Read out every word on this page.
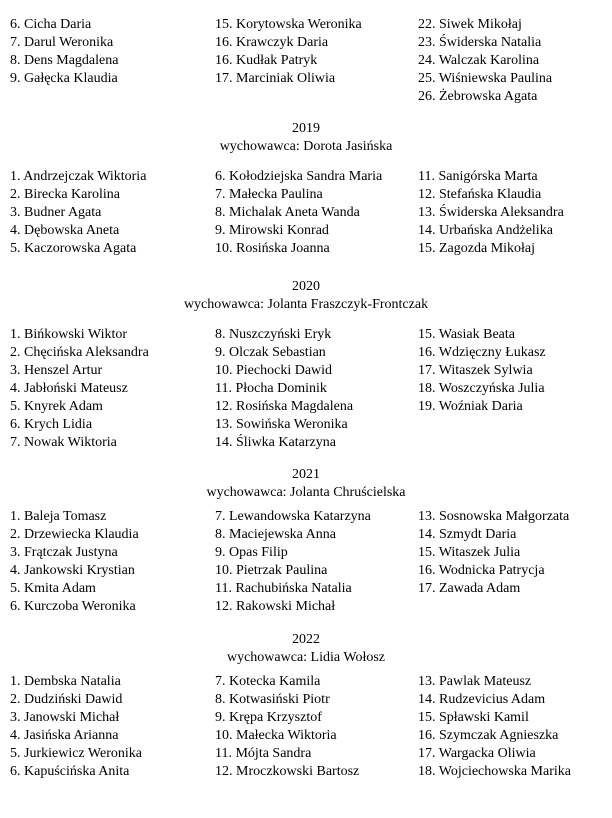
6. Cicha Daria
7. Darul Weronika
8. Dens Magdalena
9. Gałęcka Klaudia
15. Korytowska Weronika
16. Krawczyk Daria
16. Kudłak Patryk
17. Marciniak Oliwia
22. Siwek Mikołaj
23. Świderska Natalia
24. Walczak Karolina
25. Wiśniewska Paulina
26. Żebrowska Agata
2019
wychowawca: Dorota Jasińska
1. Andrzejczak Wiktoria
2. Birecka Karolina
3. Budner Agata
4. Dębowska Aneta
5. Kaczorowska Agata
6. Kołodziejska Sandra Maria
7. Małecka Paulina
8. Michalak Aneta Wanda
9. Mirowski Konrad
10. Rosińska Joanna
11. Sanigórska Marta
12. Stefańska Klaudia
13. Świderska Aleksandra
14. Urbańska Andżelika
15. Zagozda Mikołaj
2020
wychowawca: Jolanta Fraszczyk-Frontczak
1. Bińkowski Wiktor
2. Chęcińska Aleksandra
3. Henszel Artur
4. Jabłoński Mateusz
5. Knyrek Adam
6. Krych Lidia
7. Nowak Wiktoria
8. Nuszczyński Eryk
9. Olczak Sebastian
10. Piechocki Dawid
11. Płocha Dominik
12. Rosińska Magdalena
13. Sowińska Weronika
14. Śliwka Katarzyna
15. Wasiak Beata
16. Wdzięczny Łukasz
17. Witaszek Sylwia
18. Woszczyńska Julia
19. Woźniak Daria
2021
wychowawca: Jolanta Chruścielska
1. Baleja Tomasz
2. Drzewiecka Klaudia
3. Frątczak Justyna
4. Jankowski Krystian
5. Kmita Adam
6. Kurczoba Weronika
7. Lewandowska Katarzyna
8. Maciejewska Anna
9. Opas Filip
10. Pietrzak Paulina
11. Rachubińska Natalia
12. Rakowski Michał
13. Sosnowska Małgorzata
14. Szmydt Daria
15. Witaszek Julia
16. Wodnicka Patrycja
17. Zawada Adam
2022
wychowawca: Lidia Wołosz
1. Dembska Natalia
2. Dudziński Dawid
3. Janowski Michał
4. Jasińska Arianna
5. Jurkiewicz Weronika
6. Kapuścińska Anita
7. Kotecka Kamila
8. Kotwasiński Piotr
9. Krępa Krzysztof
10. Małecka Wiktoria
11. Mójta Sandra
12. Mroczkowski Bartosz
13. Pawlak Mateusz
14. Rudzevicius Adam
15. Spławski Kamil
16. Szymczak Agnieszka
17. Wargacka Oliwia
18. Wojciechowska Marika
